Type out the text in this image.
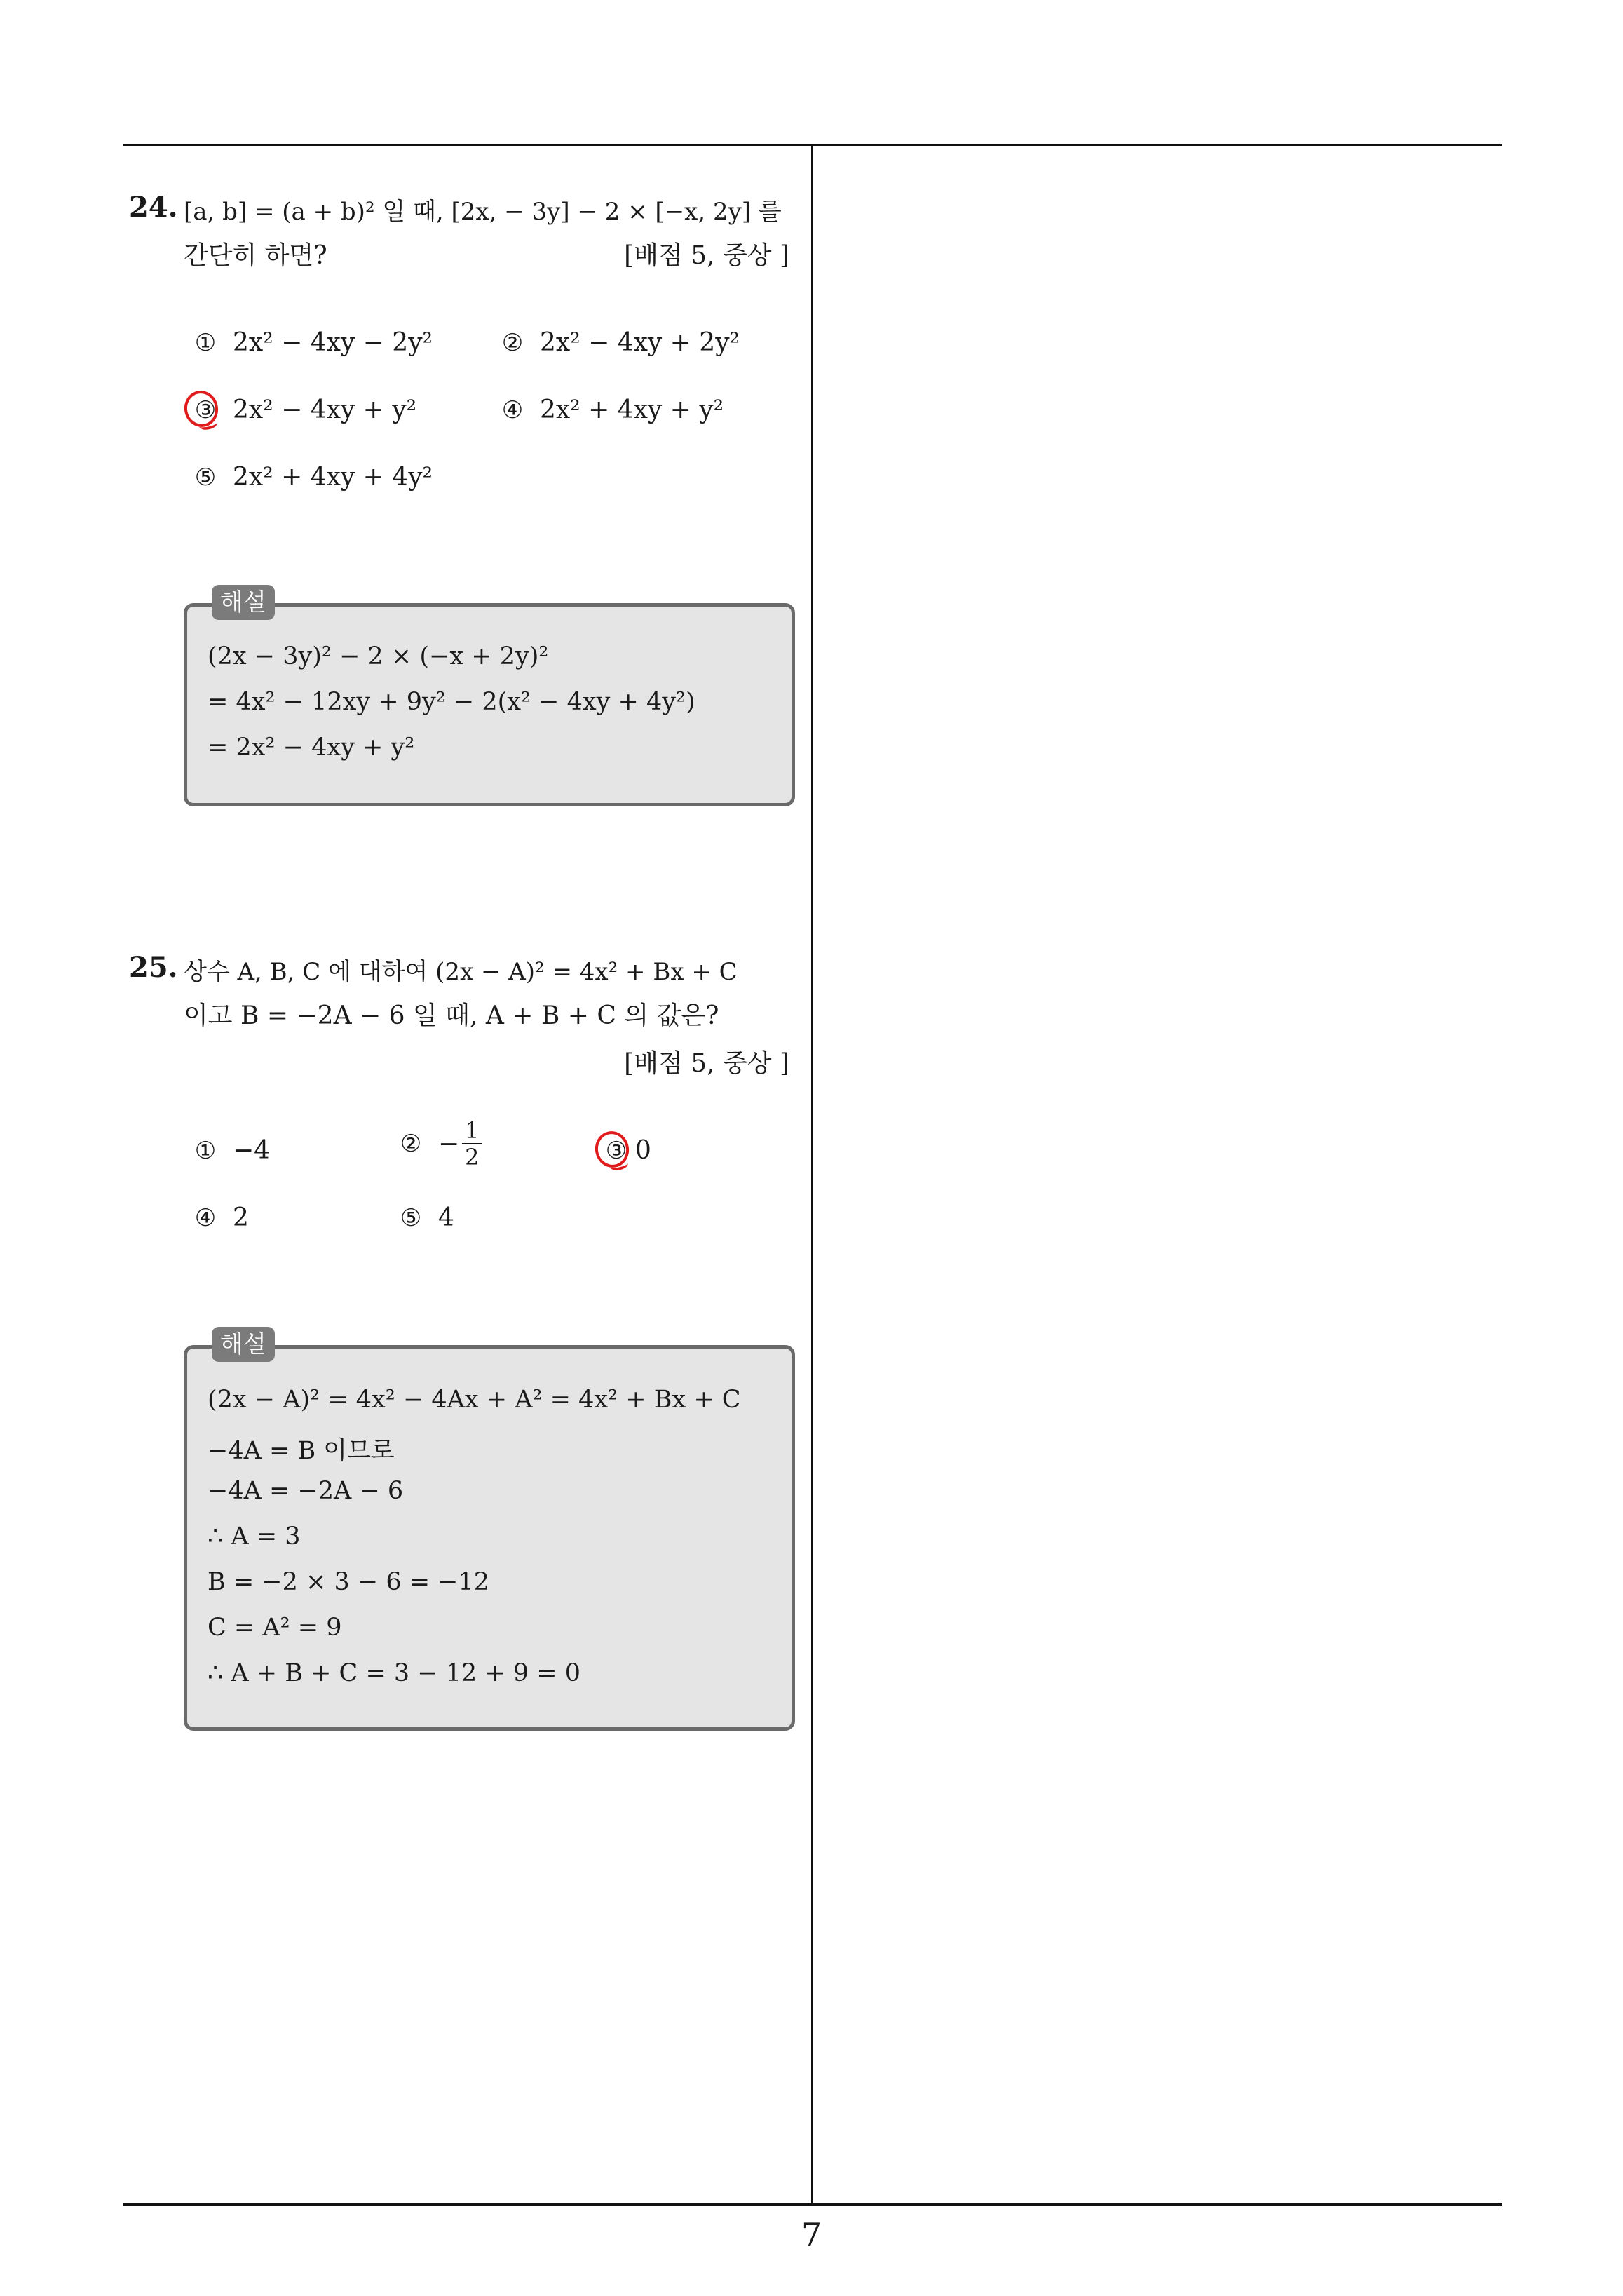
7
24. [a, b] = (a + b)² 일 때, [2x, − 3y] − 2 × [−x, 2y] 를
간단히 하면?	[배점 5, 중상 ]
① 2x² − 4xy − 2y²	② 2x² − 4xy + 2y²
③ 2x² − 4xy + y²	④ 2x² + 4xy + y²
⑤ 2x² + 4xy + 4y²
해설
(2x − 3y)² − 2 × (−x + 2y)²
= 4x² − 12xy + 9y² − 2(x² − 4xy + 4y²)
= 2x² − 4xy + y²
25. 상수 A, B, C 에 대하여 (2x − A)² = 4x² + Bx + C
이고 B = −2A − 6 일 때, A + B + C 의 값은?
[배점 5, 중상 ]
① −4	② − $\frac{1}{2}$	③ 0
④ 2	⑤ 4
해설
(2x − A)² = 4x² − 4Ax + A² = 4x² + Bx + C
−4A = B 이므로
−4A = −2A − 6
∴ A = 3
B = −2 × 3 − 6 = −12
C = A² = 9
∴ A + B + C = 3 − 12 + 9 = 0
